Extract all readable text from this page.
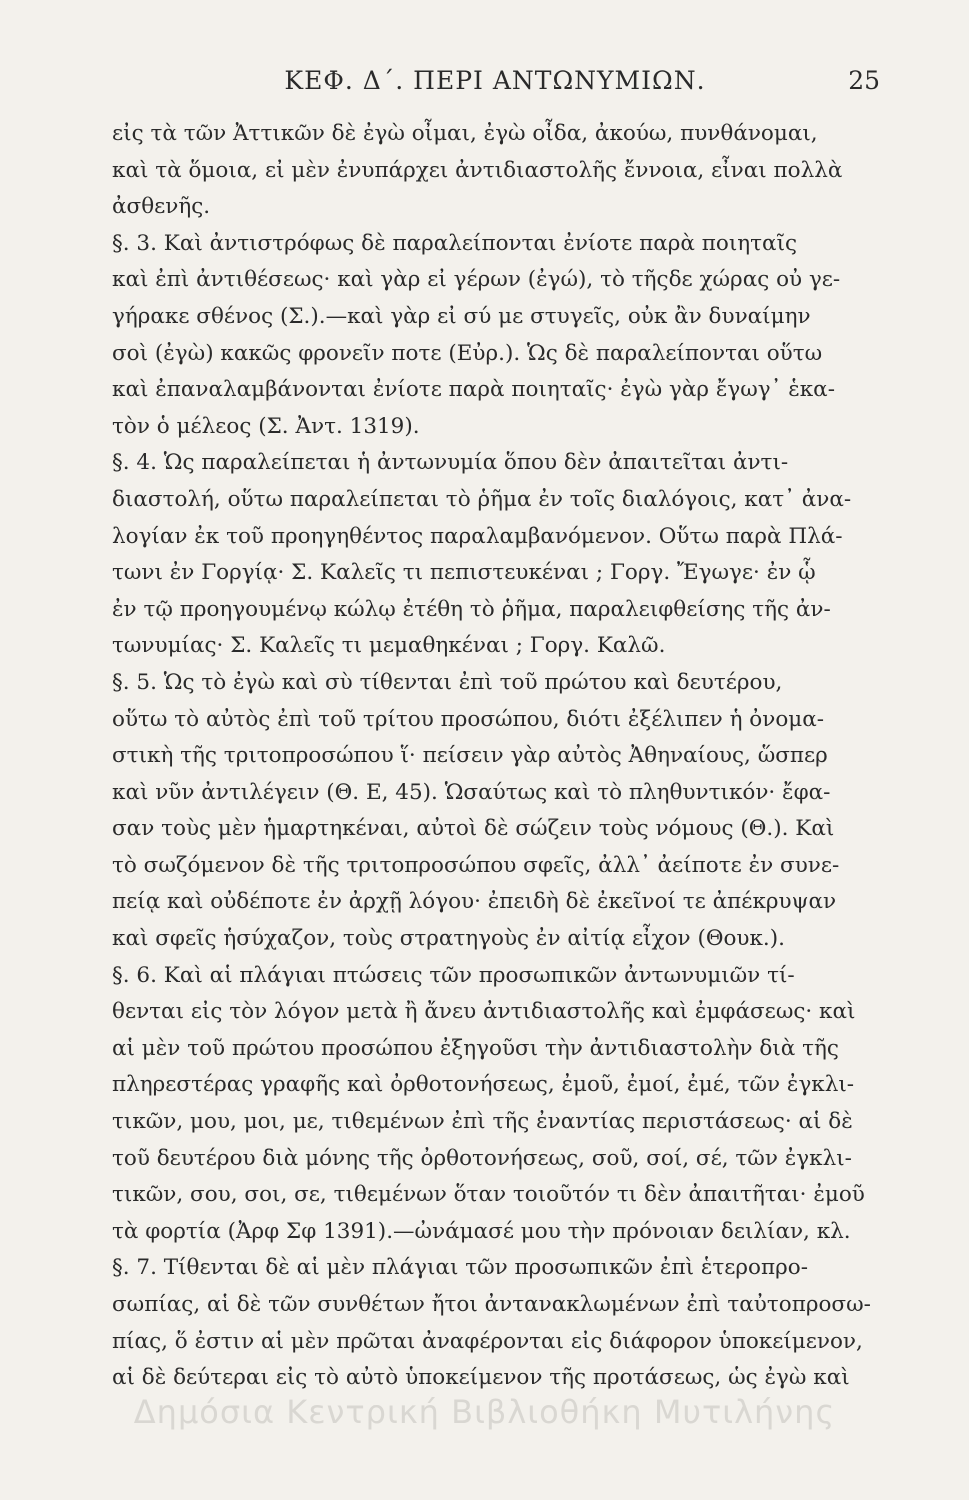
ΚΕΦ. Δ΄. ΠΕΡΙ ΑΝΤΩΝΥΜΙΩΝ.	25
εἰς τὰ τῶν Ἀττικῶν δὲ ἐγὼ οἶμαι, ἐγὼ οἶδα, ἀκούω, πυνθάνομαι,
καὶ τὰ ὅμοια, εἰ μὲν ἐνυπάρχει ἀντιδιαστολῆς ἔννοια, εἶναι πολλὰ
ἀσθενῆς.
§. 3. Καὶ ἀντιστρόφως δὲ παραλείπονται ἐνίοτε παρὰ ποιηταῖς
καὶ ἐπὶ ἀντιθέσεως· καὶ γὰρ εἰ γέρων (ἐγώ), τὸ τῆςδε χώρας οὐ γε-
γήρακε σθένος (Σ.).—καὶ γὰρ εἰ σύ με στυγεῖς, οὐκ ἂν δυναίμην
σοὶ (ἐγὼ) κακῶς φρονεῖν ποτε (Εὐρ.). Ὡς δὲ παραλείπονται οὕτω
καὶ ἐπαναλαμβάνονται ἐνίοτε παρὰ ποιηταῖς· ἐγὼ γὰρ ἔγωγ᾽ ἑκα-
τὸν ὁ μέλεος (Σ. Ἀντ. 1319).
§. 4. Ὡς παραλείπεται ἡ ἀντωνυμία ὅπου δὲν ἀπαιτεῖται ἀντι-
διαστολή, οὕτω παραλείπεται τὸ ῥῆμα ἐν τοῖς διαλόγοις, κατ᾽ ἀνα-
λογίαν ἐκ τοῦ προηγηθέντος παραλαμβανόμενον. Οὕτω παρὰ Πλά-
τωνι ἐν Γοργίᾳ· Σ. Καλεῖς τι πεπιστευκέναι ; Γοργ. Ἔγωγε· ἐν ᾧ
ἐν τῷ προηγουμένῳ κώλῳ ἐτέθη τὸ ῥῆμα, παραλειφθείσης τῆς ἀν-
τωνυμίας· Σ. Καλεῖς τι μεμαθηκέναι ; Γοργ. Καλῶ.
§. 5. Ὡς τὸ ἐγὼ καὶ σὺ τίθενται ἐπὶ τοῦ πρώτου καὶ δευτέρου,
οὕτω τὸ αὐτὸς ἐπὶ τοῦ τρίτου προσώπου, διότι ἐξέλιπεν ἡ ὀνομα-
στικὴ τῆς τριτοπροσώπου ἵ· πείσειν γὰρ αὐτὸς Ἀθηναίους, ὥσπερ
καὶ νῦν ἀντιλέγειν (Θ. Ε, 45). Ὡσαύτως καὶ τὸ πληθυντικόν· ἔφα-
σαν τοὺς μὲν ἡμαρτηκέναι, αὐτοὶ δὲ σώζειν τοὺς νόμους (Θ.). Καὶ
τὸ σωζόμενον δὲ τῆς τριτοπροσώπου σφεῖς, ἀλλ᾽ ἀείποτε ἐν συνε-
πείᾳ καὶ οὐδέποτε ἐν ἀρχῇ λόγου· ἐπειδὴ δὲ ἐκεῖνοί τε ἀπέκρυψαν
καὶ σφεῖς ἡσύχαζον, τοὺς στρατηγοὺς ἐν αἰτίᾳ εἶχον (Θουκ.).
§. 6. Καὶ αἱ πλάγιαι πτώσεις τῶν προσωπικῶν ἀντωνυμιῶν τί-
θενται εἰς τὸν λόγον μετὰ ἢ ἄνευ ἀντιδιαστολῆς καὶ ἐμφάσεως· καὶ
αἱ μὲν τοῦ πρώτου προσώπου ἐξηγοῦσι τὴν ἀντιδιαστολὴν διὰ τῆς
πληρεστέρας γραφῆς καὶ ὀρθοτονήσεως, ἐμοῦ, ἐμοί, ἐμέ, τῶν ἐγκλι-
τικῶν, μου, μοι, με, τιθεμένων ἐπὶ τῆς ἐναντίας περιστάσεως· αἱ δὲ
τοῦ δευτέρου διὰ μόνης τῆς ὀρθοτονήσεως, σοῦ, σοί, σέ, τῶν ἐγκλι-
τικῶν, σου, σοι, σε, τιθεμένων ὅταν τοιοῦτόν τι δὲν ἀπαιτῆται· ἐμοῦ
τὰ φορτία (Ἀρφ Σφ 1391).—ὠνάμασέ μου τὴν πρόνοιαν δειλίαν, κλ.
§. 7. Τίθενται δὲ αἱ μὲν πλάγιαι τῶν προσωπικῶν ἐπὶ ἑτεροπρο-
σωπίας, αἱ δὲ τῶν συνθέτων ἤτοι ἀντανακλωμένων ἐπὶ ταὐτοπροσω-
πίας, ὅ ἐστιν αἱ μὲν πρῶται ἀναφέρονται εἰς διάφορον ὑποκείμενον,
αἱ δὲ δεύτεραι εἰς τὸ αὐτὸ ὑποκείμενον τῆς προτάσεως, ὡς ἐγὼ καὶ
Δημόσια Κεντρική Βιβλιοθήκη Μυτιλήνης
